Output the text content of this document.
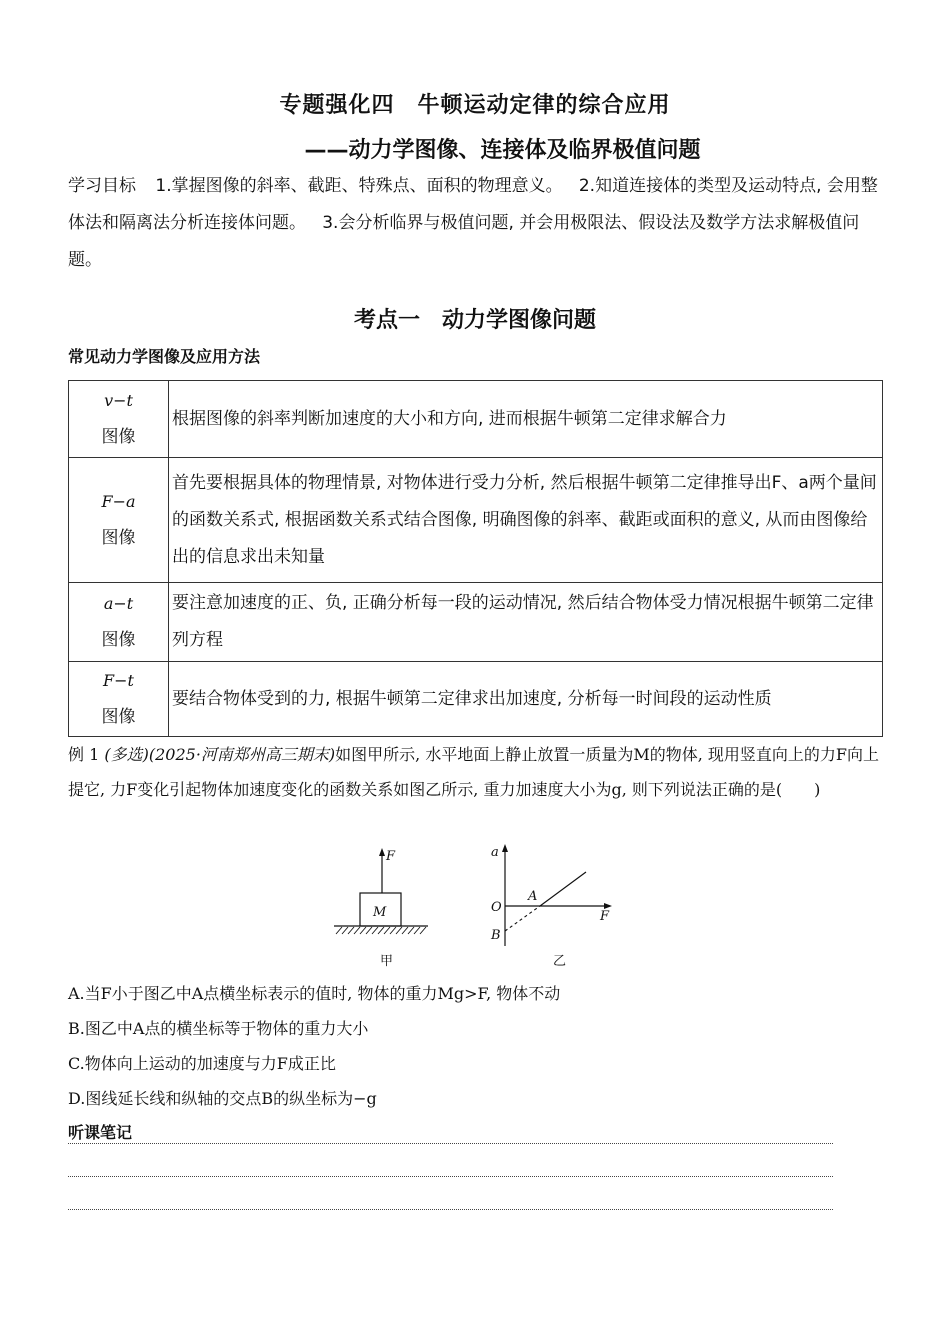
专题强化四　牛顿运动定律的综合应用
——动力学图像、连接体及临界极值问题
学习目标 1.掌握图像的斜率、截距、特殊点、面积的物理意义。 2.知道连接体的类型及运动特点, 会用整体法和隔离法分析连接体问题。 3.会分析临界与极值问题, 并会用极限法、假设法及数学方法求解极值问题。
考点一　动力学图像问题
常见动力学图像及应用方法
v−t
图像	根据图像的斜率判断加速度的大小和方向, 进而根据牛顿第二定律求解合力

F−a
图像	首先要根据具体的物理情景, 对物体进行受力分析, 然后根据牛顿第二定律推导出F、a两个量间的函数关系式, 根据函数关系式结合图像, 明确图像的斜率、截距或面积的意义, 从而由图像给出的信息求出未知量

a−t
图像	要注意加速度的正、负, 正确分析每一段的运动情况, 然后结合物体受力情况根据牛顿第二定律列方程

F−t
图像	要结合物体受到的力, 根据牛顿第二定律求出加速度, 分析每一时间段的运动性质
例 1 (多选)(2025·河南郑州高三期末)如图甲所示, 水平地面上静止放置一质量为M的物体, 现用竖直向上的力F向上提它, 力F变化引起物体加速度变化的函数关系如图乙所示, 重力加速度大小为g, 则下列说法正确的是(　　)
F
M
甲
a
F
O
A
B
乙
A.当F小于图乙中A点横坐标表示的值时, 物体的重力Mg>F, 物体不动
B.图乙中A点的横坐标等于物体的重力大小
C.物体向上运动的加速度与力F成正比
D.图线延长线和纵轴的交点B的纵坐标为−g
听课笔记
